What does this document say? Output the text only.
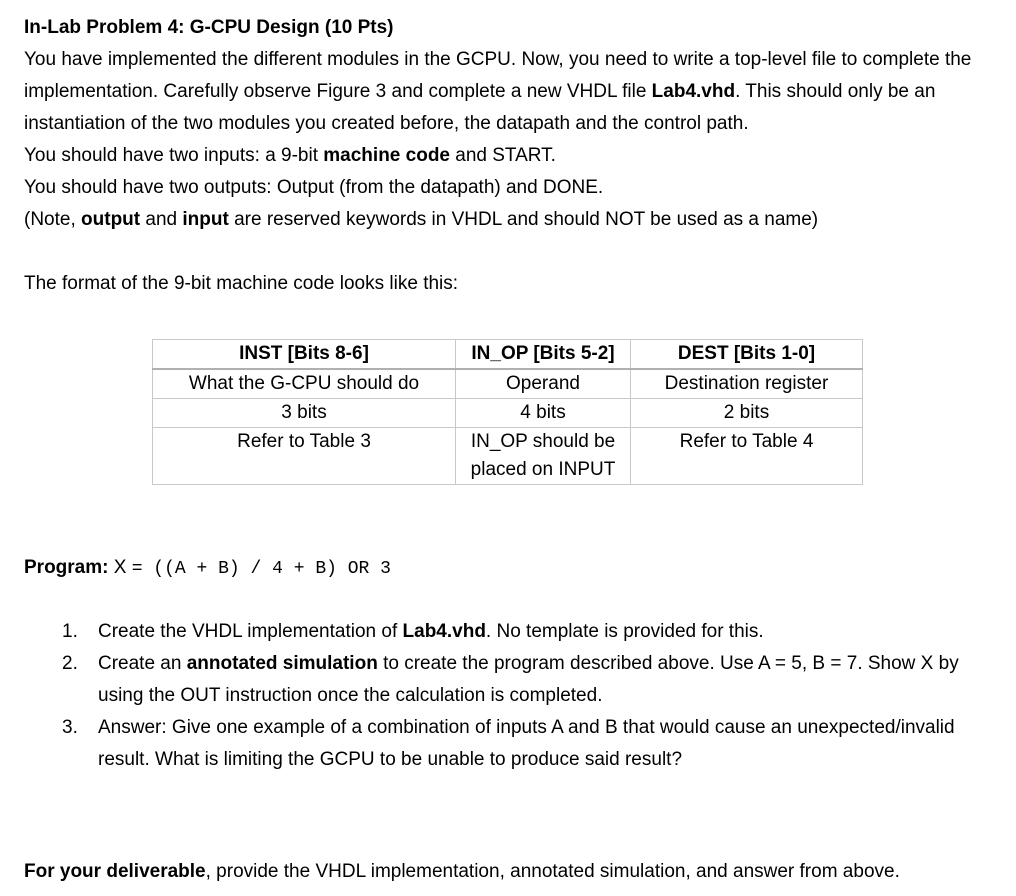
In-Lab Problem 4: G-CPU Design (10 Pts)

You have implemented the different modules in the GCPU. Now, you need to write a top-level file to complete the implementation. Carefully observe Figure 3 and complete a new VHDL file Lab4.vhd. This should only be an instantiation of the two modules you created before, the datapath and the control path.

You should have two inputs: a 9-bit machine code and START.

You should have two outputs: Output (from the datapath) and DONE.

(Note, output and input are reserved keywords in VHDL and should NOT be used as a name)

The format of the 9-bit machine code looks like this:

INST [Bits 8-6]	IN_OP [Bits 5-2]	DEST [Bits 1-0]
What the G-CPU should do	Operand	Destination register
3 bits	4 bits	2 bits
Refer to Table 3	IN_OP should be placed on INPUT	Refer to Table 4
Program: X = ((A + B) / 4 + B) OR 3
1. Create the VHDL implementation of Lab4.vhd. No template is provided for this.
2. Create an annotated simulation to create the program described above. Use A = 5, B = 7. Show X by using the OUT instruction once the calculation is completed.
3. Answer: Give one example of a combination of inputs A and B that would cause an unexpected/invalid result. What is limiting the GCPU to be unable to produce said result?
For your deliverable, provide the VHDL implementation, annotated simulation, and answer from above.
